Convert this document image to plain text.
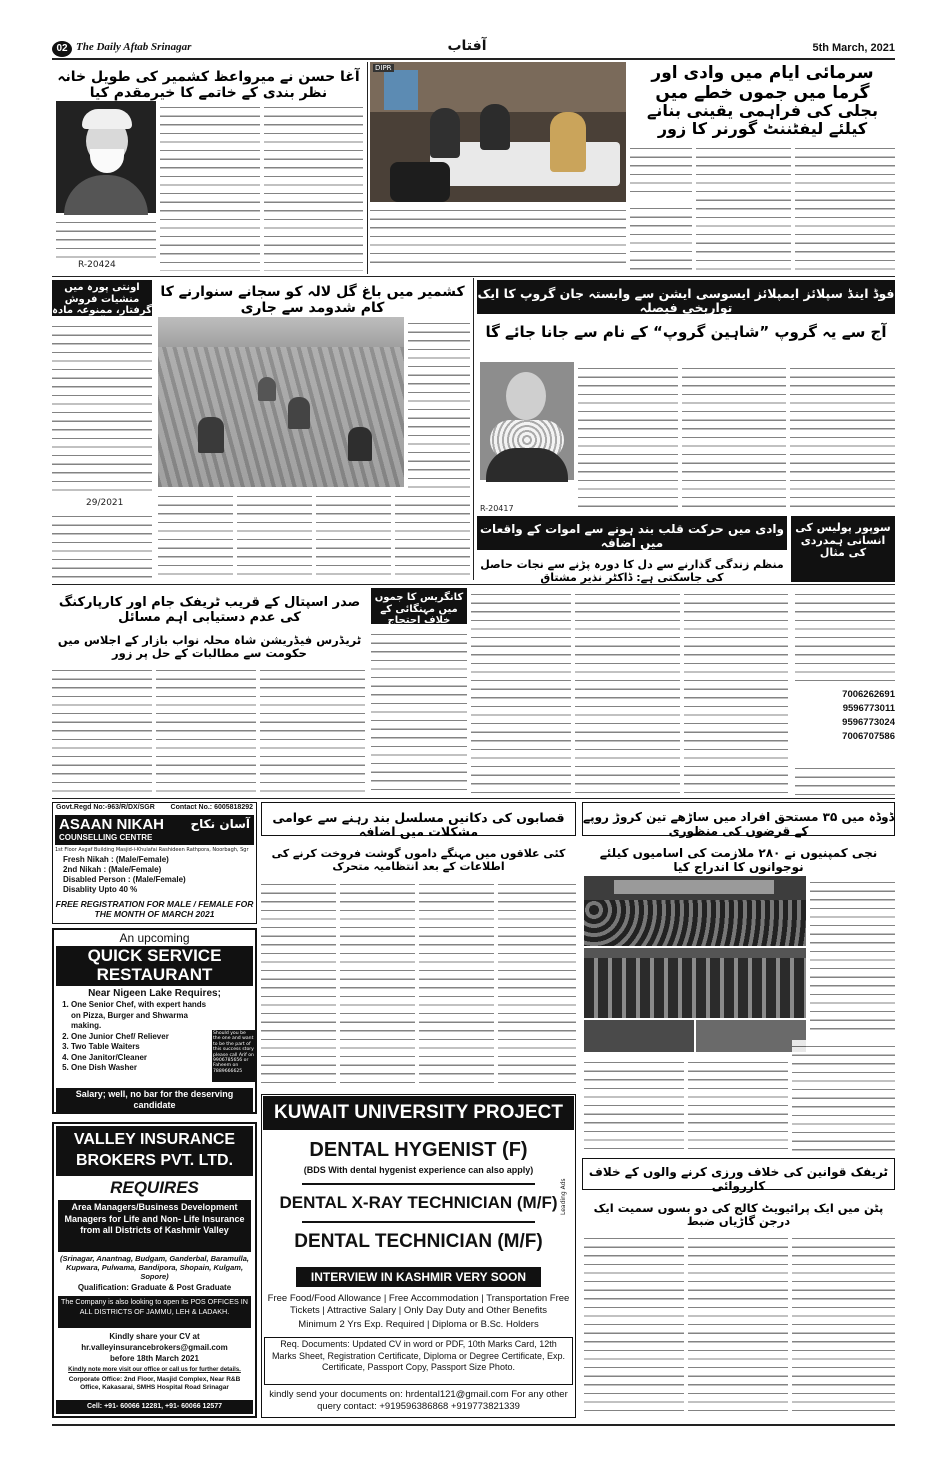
02 The Daily Aftab Srinagar	آفتاب	5th March, 2021
آغا حسن نے میرواعظ کشمیر کی طویل خانہ نظر بندی کے خاتمے کا خیرمقدم کیا
R-20424
DIPR	سرمائی ایام میں وادی اور گرما میں جموں خطے میں
بجلی کی فراہمی یقینی بنانے کیلئے لیفٹننٹ گورنر کا زور
اونتی پورہ میں منشیات فروش گرفتار، ممنوعہ مادہ
29/2021
کشمیر میں باغ گل لالہ کو سجانے سنوارنے کا کام شدومد سے جاری
فوڈ اینڈ سپلائز ایمپلائز ایسوسی ایشن سے وابستہ جان گروپ کا ایک تواریخی فیصلہ
آج سے یہ گروپ ”شاہین گروپ“ کے نام سے جانا جائے گا
R-20417
وادی میں حرکت قلب بند ہونے سے اموات کے واقعات میں اضافہ
منظم زندگی گذارنے سے دل کا دورہ پڑنے سے نجات حاصل کی جاسکتی ہے: ڈاکٹر نذیر مشتاق
سوپور پولیس کی انسانی ہمدردی کی مثال
صدر اسپتال کے قریب ٹریفک جام اور کارپارکنگ کی عدم دستیابی اہم مسائل
ٹریڈرس فیڈریشن شاہ محلہ نواب بازار کے اجلاس میں حکومت سے مطالبات کے حل پر زور
کانگریس کا جموں میں مہنگائی کے خلاف احتجاج
7006262691
9596773011
9596773024
7006707586
Govt.Regd No:-963/R/DX/SGR Contact No.: 6005818292
ASAAN NIKAH آسان نکاح
COUNSELLING CENTRE
1st Floor Asgaf Building Masjid-i-Khulafai Rashideen Rathpora, Noorbagh, Sgr
Fresh Nikah : (Male/Female)
2nd Nikah : (Male/Female)
Disabled Person : (Male/Female)
Disablity Upto 40 %
FREE REGISTRATION FOR MALE / FEMALE FOR THE MONTH OF MARCH 2021
An upcoming
QUICK SERVICE
RESTAURANT
Near Nigeen Lake Requires;
1. One Senior Chef, with expert hands on Pizza, Burger and Shwarma making.
2. One Junior Chef/ Reliever
3. Two Table Waiters
4. One Janitor/Cleaner
5. One Dish Washer
Should you be the one and want to be the part of this success story please call Arif on 9906785656 or Faheem on 7889666625
Salary; well, no bar for the deserving candidate
VALLEY INSURANCE
BROKERS PVT. LTD.
REQUIRES
Area Managers/Business Development Managers for Life and Non- Life Insurance from all Districts of Kashmir Valley
(Srinagar, Anantnag, Budgam, Ganderbal, Baramulla, Kupwara, Pulwama, Bandipora, Shopain, Kulgam, Sopore)
Qualification: Graduate & Post Graduate
The Company is also looking to open its POS OFFICES IN ALL DISTRICTS OF JAMMU, LEH & LADAKH.
Kindly share your CV at
hr.valleyinsurancebrokers@gmail.com
before 18th March 2021
Kindly note more visit our office or call us for further details.
Corporate Office: 2nd Floor, Masjid Complex, Near R&B Office, Kakasarai, SMHS Hospital Road Srinagar
Cell: +91- 60066 12281, +91- 60066 12577
قصابوں کی دکانیں مسلسل بند رہنے سے عوامی مشکلات میں اضافہ
کئی علاقوں میں مہنگے داموں گوشت فروخت کرنے کی اطلاعات کے بعد انتظامیہ متحرک
KUWAIT UNIVERSITY PROJECT
Leading Ads
DENTAL HYGENIST (F)
(BDS With dental hygenist experience can also apply)
DENTAL X-RAY TECHNICIAN (M/F)
DENTAL TECHNICIAN (M/F)
INTERVIEW IN KASHMIR VERY SOON
Free Food/Food Allowance | Free Accommodation | Transportation Free Tickets | Attractive Salary | Only Day Duty and Other Benefits
Minimum 2 Yrs Exp. Required | Diploma or B.Sc. Holders
Req. Documents: Updated CV in word or PDF, 10th Marks Card, 12th Marks Sheet, Registration Certificate, Diploma or Degree Certificate, Exp. Certificate, Passport Copy, Passport Size Photo.
kindly send your documents on: hrdental121@gmail.com For any other query contact: +919596386868 +919773821339
ڈوڈہ میں ۳۵ مستحق افراد میں ساڑھے تین کروڑ روپے کے قرضوں کی منظوری
نجی کمپنیوں نے ۲۸۰ ملازمت کی اسامیوں کیلئے نوجوانوں کا اندراج کیا
ٹریفک قوانین کی خلاف ورزی کرنے والوں کے خلاف کارروائی
پٹن میں ایک پرائیویٹ کالج کی دو بسوں سمیت ایک درجن گاڑیاں ضبط
